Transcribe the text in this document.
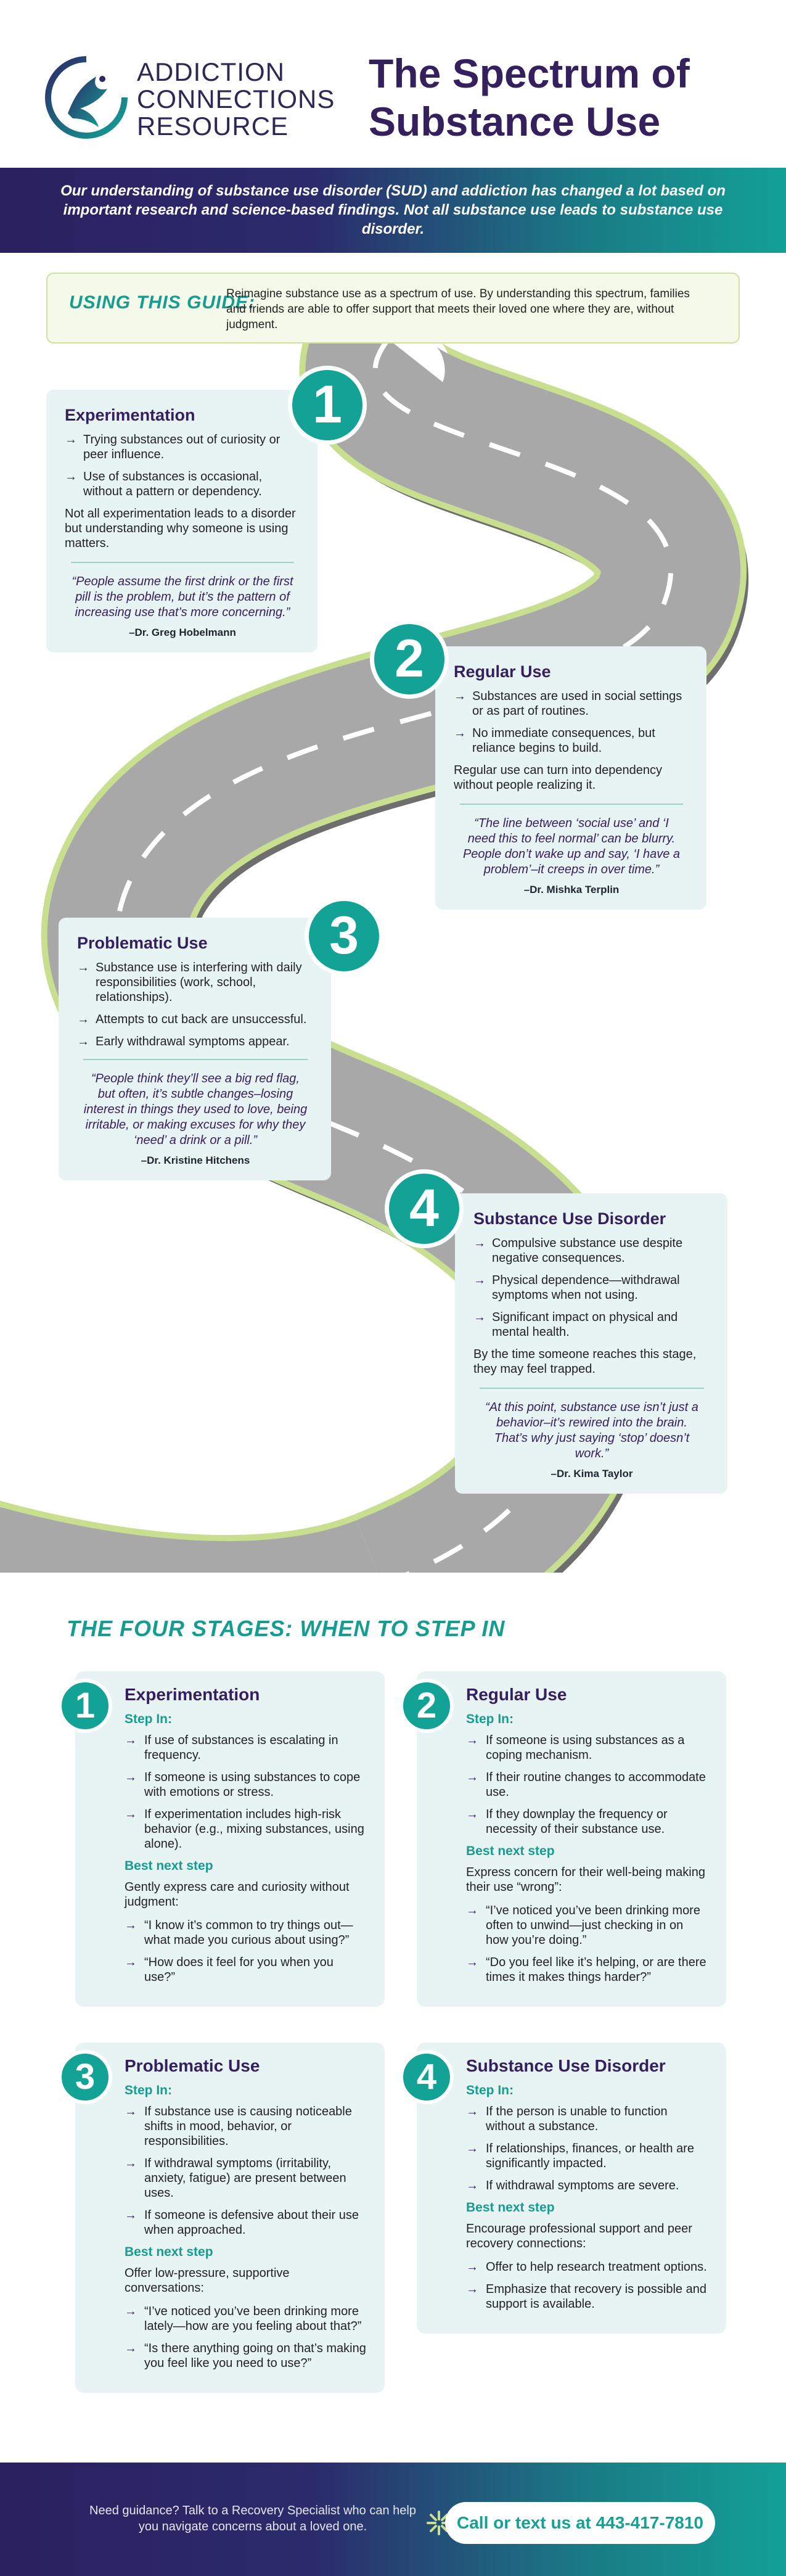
ADDICTION
CONNECTIONS
RESOURCE
The Spectrum of
Substance Use
Our understanding of substance use disorder (SUD) and addiction has changed a lot based on important research and science-based findings. Not all substance use leads to substance use disorder.
USING THIS GUIDE:
Reimagine substance use as a spectrum of use. By understanding this spectrum, families and friends are able to offer support that meets their loved one where they are, without judgment.
Experimentation
→ Trying substances out of curiosity or peer influence.
→ Use of substances is occasional, without a pattern or dependency.

Not all experimentation leads to a disorder but understanding why someone is using matters.

“People assume the first drink or the first pill is the problem, but it’s the pattern of increasing use that’s more concerning.”

–Dr. Greg Hobelmann

1
Regular Use
→ Substances are used in social settings or as part of routines.
→ No immediate consequences, but reliance begins to build.

Regular use can turn into dependency without people realizing it.

“The line between ‘social use’ and ‘I need this to feel normal’ can be blurry. People don’t wake up and say, ‘I have a problem’–it creeps in over time.”

–Dr. Mishka Terplin

2
Problematic Use
→ Substance use is interfering with daily responsibilities (work, school, relationships).
→ Attempts to cut back are unsuccessful.
→ Early withdrawal symptoms appear.

“People think they’ll see a big red flag, but often, it’s subtle changes–losing interest in things they used to love, being irritable, or making excuses for why they ‘need’ a drink or a pill.”

–Dr. Kristine Hitchens

3
Substance Use Disorder
→ Compulsive substance use despite negative consequences.
→ Physical dependence—withdrawal symptoms when not using.
→ Significant impact on physical and mental health.

By the time someone reaches this stage, they may feel trapped.

“At this point, substance use isn’t just a behavior–it’s rewired into the brain. That’s why just saying ‘stop’ doesn’t work.”

–Dr. Kima Taylor

4
THE FOUR STAGES: WHEN TO STEP IN
1	Experimentation
Step In:
→ If use of substances is escalating in frequency.
→ If someone is using substances to cope with emotions or stress.
→ If experimentation includes high-risk behavior (e.g., mixing substances, using alone).
Best next step

Gently express care and curiosity without judgment:

→ “I know it’s common to try things out—what made you curious about using?”
→ “How does it feel for you when you use?”
2	Regular Use
Step In:
→ If someone is using substances as a coping mechanism.
→ If their routine changes to accommodate use.
→ If they downplay the frequency or necessity of their substance use.
Best next step

Express concern for their well-being making their use “wrong”:

→ “I’ve noticed you’ve been drinking more often to unwind—just checking in on how you’re doing.”
→ “Do you feel like it’s helping, or are there times it makes things harder?”
3	Problematic Use
Step In:
→ If substance use is causing noticeable shifts in mood, behavior, or responsibilities.
→ If withdrawal symptoms (irritability, anxiety, fatigue) are present between uses.
→ If someone is defensive about their use when approached.
Best next step

Offer low-pressure, supportive conversations:

→ “I’ve noticed you’ve been drinking more lately—how are you feeling about that?”
→ “Is there anything going on that’s making you feel like you need to use?”
4	Substance Use Disorder
Step In:
→ If the person is unable to function without a substance.
→ If relationships, finances, or health are significantly impacted.
→ If withdrawal symptoms are severe.
Best next step

Encourage professional support and peer recovery connections:

→ Offer to help research treatment options.
→ Emphasize that recovery is possible and support is available.
Need guidance? Talk to a Recovery Specialist who can help you navigate concerns about a loved one.	Call or text us at 443-417-7810
